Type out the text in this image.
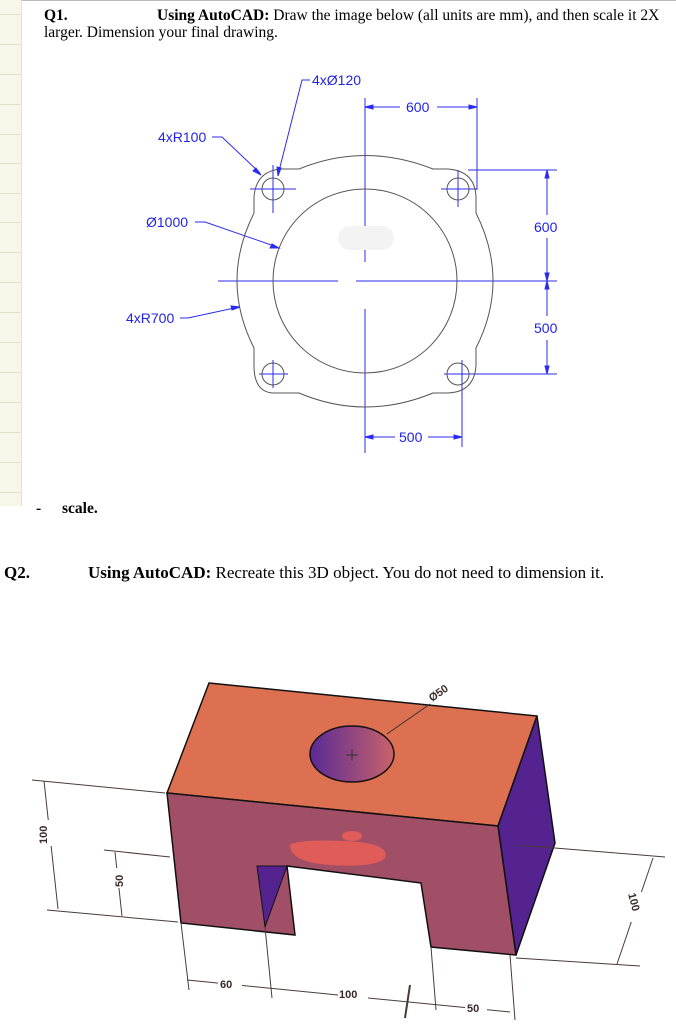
Q1.	Using AutoCAD: Draw the image below (all units are mm), and then scale it 2X
larger. Dimension your final drawing.
4xØ120
4xR100
Ø1000
4xR700
600
600
500
500
- scale.
Q2.	Using AutoCAD: Recreate this 3D object. You do not need to dimension it.
Ø50
100
50
60
100
50
100
